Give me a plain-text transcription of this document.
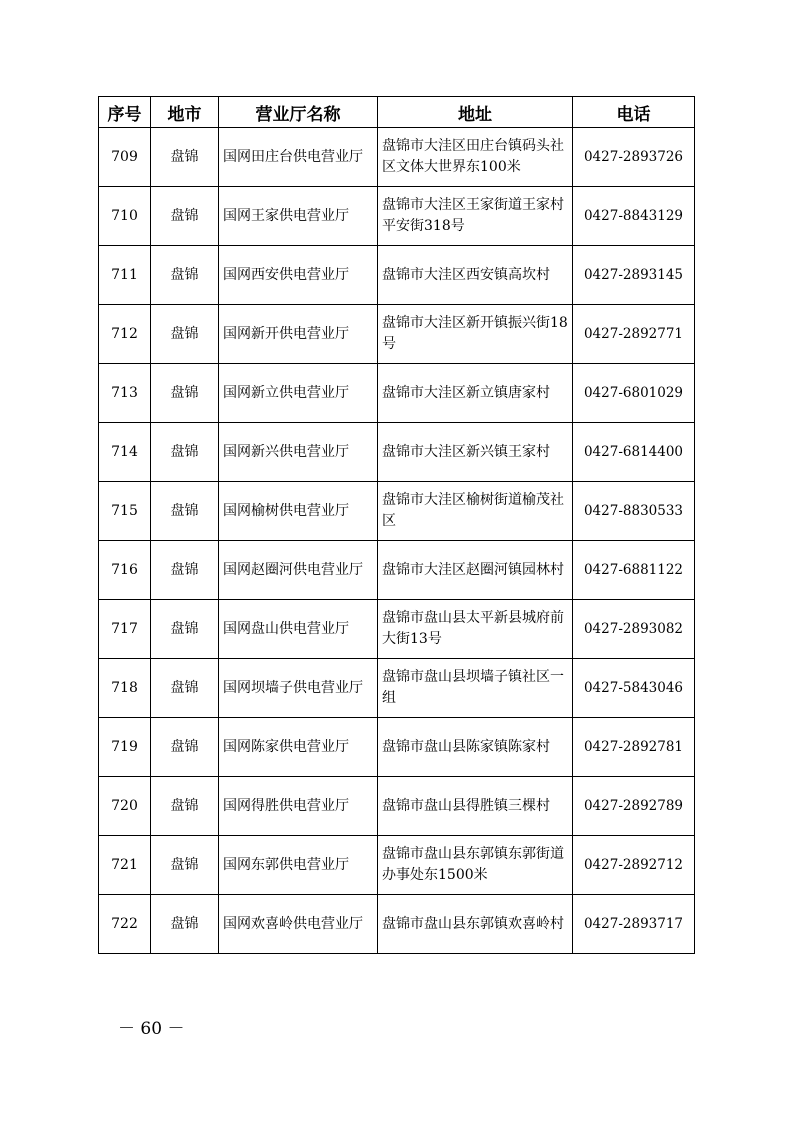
序号	地市	营业厅名称	地址	电话
709	盘锦	国网田庄台供电营业厅	盘锦市大洼区田庄台镇码头社区文体大世界东100米	0427-2893726
710	盘锦	国网王家供电营业厅	盘锦市大洼区王家街道王家村平安街318号	0427-8843129
711	盘锦	国网西安供电营业厅	盘锦市大洼区西安镇高坎村	0427-2893145
712	盘锦	国网新开供电营业厅	盘锦市大洼区新开镇振兴街18号	0427-2892771
713	盘锦	国网新立供电营业厅	盘锦市大洼区新立镇唐家村	0427-6801029
714	盘锦	国网新兴供电营业厅	盘锦市大洼区新兴镇王家村	0427-6814400
715	盘锦	国网榆树供电营业厅	盘锦市大洼区榆树街道榆茂社区	0427-8830533
716	盘锦	国网赵圈河供电营业厅	盘锦市大洼区赵圈河镇园林村	0427-6881122
717	盘锦	国网盘山供电营业厅	盘锦市盘山县太平新县城府前大街13号	0427-2893082
718	盘锦	国网坝墙子供电营业厅	盘锦市盘山县坝墙子镇社区一组	0427-5843046
719	盘锦	国网陈家供电营业厅	盘锦市盘山县陈家镇陈家村	0427-2892781
720	盘锦	国网得胜供电营业厅	盘锦市盘山县得胜镇三棵村	0427-2892789
721	盘锦	国网东郭供电营业厅	盘锦市盘山县东郭镇东郭街道办事处东1500米	0427-2892712
722	盘锦	国网欢喜岭供电营业厅	盘锦市盘山县东郭镇欢喜岭村	0427-2893717
－ 60 －
